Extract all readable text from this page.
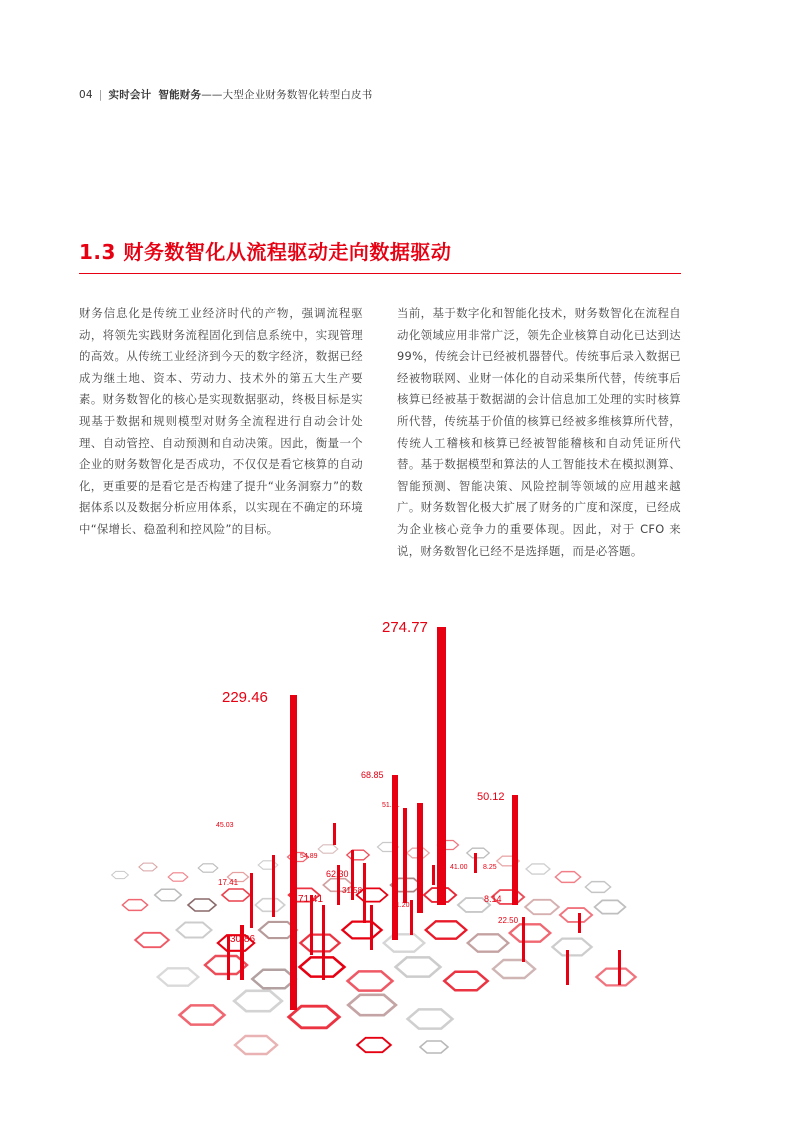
04 | 实时会计 智能财务——大型企业财务数智化转型白皮书
1.3 财务数智化从流程驱动走向数据驱动
财务信息化是传统工业经济时代的产物，强调流程驱动，将领先实践财务流程固化到信息系统中，实现管理的高效。从传统工业经济到今天的数字经济，数据已经成为继土地、资本、劳动力、技术外的第五大生产要素。财务数智化的核心是实现数据驱动，终极目标是实现基于数据和规则模型对财务全流程进行自动会计处理、自动管控、自动预测和自动决策。因此，衡量一个企业的财务数智化是否成功，不仅仅是看它核算的自动化，更重要的是看它是否构建了提升“业务洞察力”的数据体系以及数据分析应用体系，以实现在不确定的环境中“保增长、稳盈利和控风险”的目标。
当前，基于数字化和智能化技术，财务数智化在流程自动化领域应用非常广泛，领先企业核算自动化已达到达 99%，传统会计已经被机器替代。传统事后录入数据已经被物联网、业财一体化的自动采集所代替，传统事后核算已经被基于数据湖的会计信息加工处理的实时核算所代替，传统基于价值的核算已经被多维核算所代替，传统人工稽核和核算已经被智能稽核和自动凭证所代替。基于数据模型和算法的人工智能技术在模拟测算、智能预测、智能决策、风险控制等领域的应用越来越广。财务数智化极大扩展了财务的广度和深度，已经成为企业核心竞争力的重要体现。因此，对于 CFO 来说，财务数智化已经不是选择题，而是必答题。
274.77
229.46
68.85
50.12
51.61
45.03
54.89
62.30
17.41
71.41
31.58
8.14
22.50
30.86
21.20
41.00 8.25
